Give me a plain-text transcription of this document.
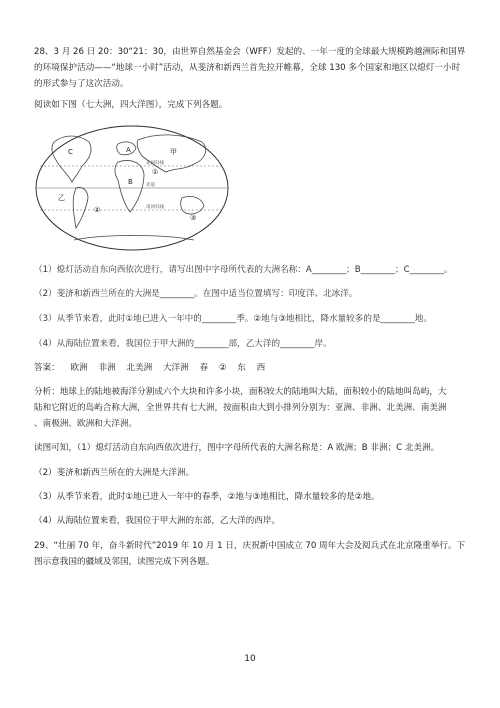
28、3 月 26 日 20：30“21：30，由世界自然基金会（WFF）发起的、一年一度的全球最大规模跨越洲际和国界
的环境保护活动——“地球一小时”活动，从斐济和新西兰首先拉开帷幕，全球 130 多个国家和地区以熄灯一小时
的形式参与了这次活动。
阅读如下图（七大洲，四大洋图），完成下列各题。
A
B
C	甲
乙
①
②
③
北回归线
赤道
南回归线
（1）熄灯活动自东向西依次进行，请写出图中字母所代表的大洲名称：A________；B________；C________。
（2）斐济和新西兰所在的大洲是________。在图中适当位置填写：印度洋、北冰洋。
（3）从季节来看，此时①地已进入一年中的________季。②地与③地相比，降水量较多的是________地。
（4）从海陆位置来看，我国位于甲大洲的________部，乙大洋的________岸。
答案： 欧洲 非洲 北美洲 大洋洲 春 ② 东 西
分析：地球上的陆地被海洋分割成六个大块和许多小块，面积较大的陆地叫大陆，面积较小的陆地叫岛屿，大
陆和它附近的岛屿合称大洲，全世界共有七大洲，按面积由大到小排列分别为：亚洲、非洲、北美洲、南美洲
、南极洲、欧洲和大洋洲。
读图可知，（1）熄灯活动自东向西依次进行，图中字母所代表的大洲名称是：A 欧洲；B 非洲；C 北美洲。
（2）斐济和新西兰所在的大洲是大洋洲。
（3）从季节来看，此时①地已进入一年中的春季，②地与③地相比，降水量较多的是②地。
（4）从海陆位置来看，我国位于甲大洲的东部，乙大洋的西岸。
29、“壮丽 70 年，奋斗新时代”2019 年 10 月 1 日，庆祝新中国成立 70 周年大会及阅兵式在北京隆重举行。下
图示意我国的疆域及邻国，读图完成下列各题。
10
